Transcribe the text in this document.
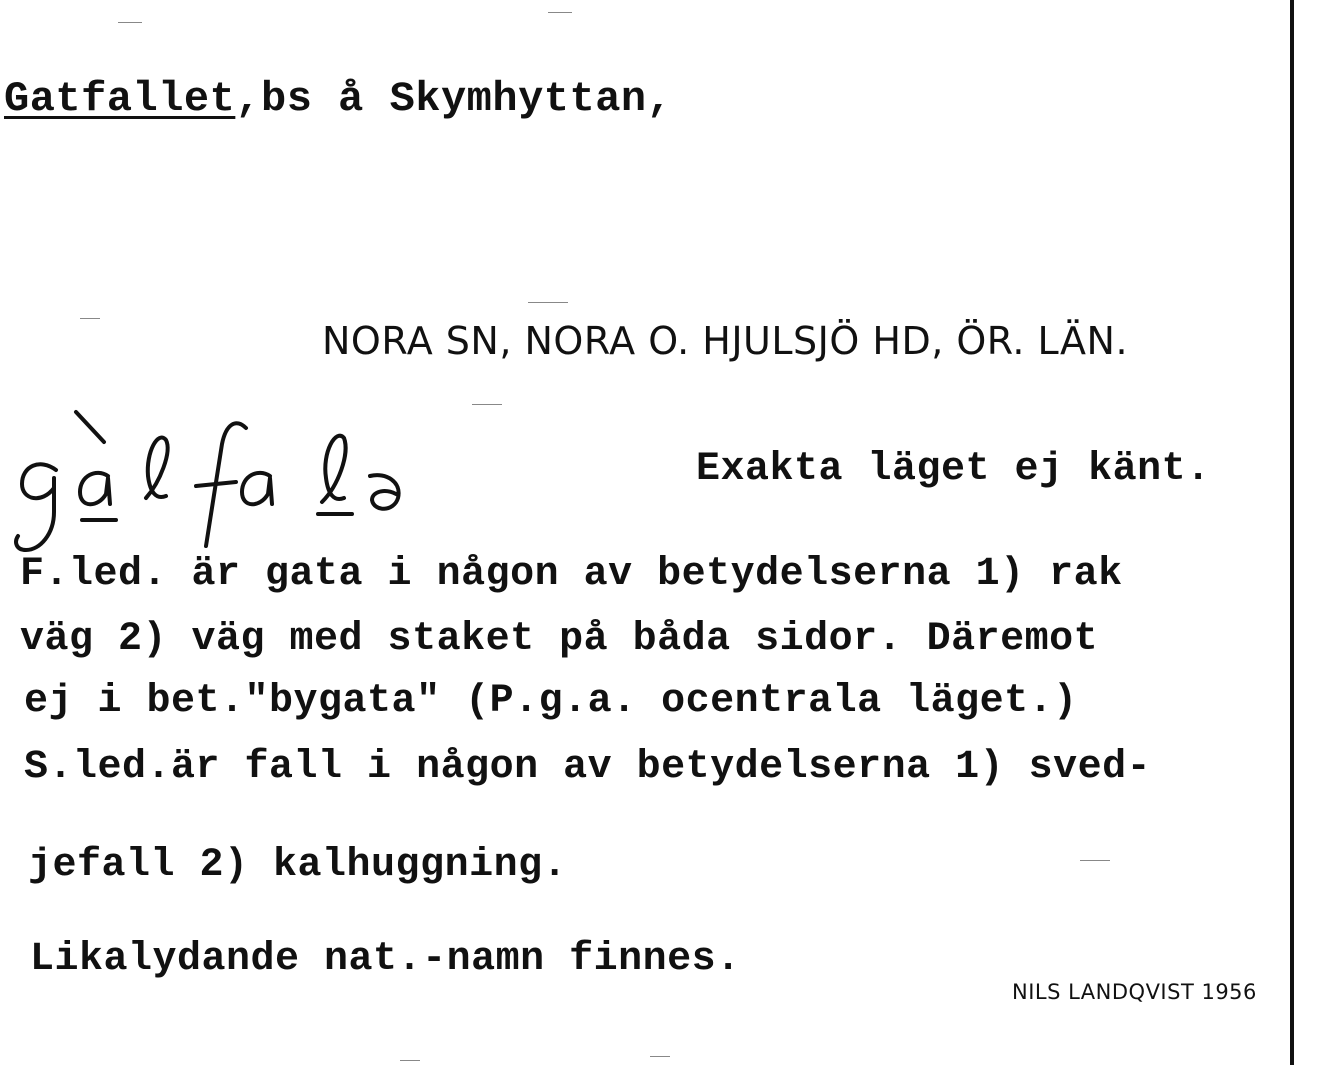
Gatfallet,bs å Skymhyttan,
NORA SN, NORA O. HJULSJÖ HD, ÖR. LÄN.
Exakta läget ej känt.
F.led. är gata i någon av betydelserna 1) rak
väg 2) väg med staket på båda sidor. Däremot
ej i bet."bygata" (P.g.a. ocentrala läget.)
S.led.är fall i någon av betydelserna 1) sved-
jefall 2) kalhuggning.
Likalydande nat.-namn finnes.
NILS LANDQVIST 1956
